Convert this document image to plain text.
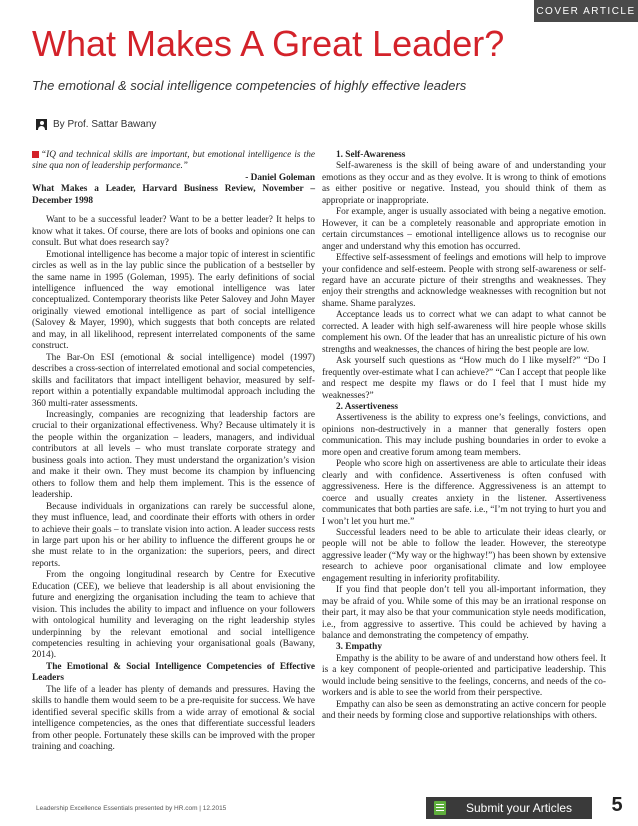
COVER ARTICLE
What Makes A Great Leader?
The emotional & social intelligence competencies of highly effective leaders
By Prof. Sattar Bawany

“IQ and technical skills are important, but emotional intelligence is the sine qua non of leadership performance.”

- Daniel Goleman

What Makes a Leader, Harvard Business Review, November – December 1998

Want to be a successful leader? Want to be a better leader? It helps to know what it takes. Of course, there are lots of books and opinions one can consult. But what does research say?

Emotional intelligence has become a major topic of interest in scientific circles as well as in the lay public since the publication of a bestseller by the same name in 1995 (Goleman, 1995). The early definitions of social intelligence influenced the way emotional intelligence was later conceptualized. Contemporary theorists like Peter Salovey and John Mayer originally viewed emotional intelligence as part of social intelligence (Salovey & Mayer, 1990), which suggests that both concepts are related and may, in all likelihood, represent interrelated components of the same construct.

The Bar-On ESI (emotional & social intelligence) model (1997) describes a cross-section of interrelated emotional and social competencies, skills and facilitators that impact intelligent behavior, measured by self-report within a potentially expandable multimodal approach including the 360 multi-rater assessments.

Increasingly, companies are recognizing that leadership factors are crucial to their organizational effectiveness. Why? Because ultimately it is the people within the organization – leaders, managers, and individual contributors at all levels – who must translate corporate strategy and business goals into action. They must understand the organization’s vision and make it their own. They must become its champion by influencing others to follow them and help them implement. This is the essence of leadership.

Because individuals in organizations can rarely be successful alone, they must influence, lead, and coordinate their efforts with others in order to achieve their goals – to translate vision into action. A leader success rests in large part upon his or her ability to influence the different groups he or she must relate to in the organization: the superiors, peers, and direct reports.

From the ongoing longitudinal research by Centre for Executive Education (CEE), we believe that leadership is all about envisioning the future and energizing the organisation including the team to achieve that vision. This includes the ability to impact and influence on your followers with ontological humility and leveraging on the right leadership styles underpinning by the relevant emotional and social intelligence competencies resulting in achieving your organisational goals (Bawany, 2014).

The Emotional & Social Intelligence Competencies of Effective Leaders

The life of a leader has plenty of demands and pressures. Having the skills to handle them would seem to be a pre-requisite for success. We have identified several specific skills from a wide array of emotional & social intelligence competencies, as the ones that differentiate successful leaders from other people. Fortunately these skills can be improved with the proper training and coaching.

1. Self-Awareness

Self-awareness is the skill of being aware of and understanding your emotions as they occur and as they evolve. It is wrong to think of emotions as either positive or negative. Instead, you should think of them as appropriate or inappropriate.

For example, anger is usually associated with being a negative emotion. However, it can be a completely reasonable and appropriate emotion in certain circumstances – emotional intelligence allows us to recognise our anger and understand why this emotion has occurred.

Effective self-assessment of feelings and emotions will help to improve your confidence and self-esteem. People with strong self-awareness or self-regard have an accurate picture of their strengths and weaknesses. They enjoy their strengths and acknowledge weaknesses with recognition but not shame. Shame paralyzes.

Acceptance leads us to correct what we can adapt to what cannot be corrected. A leader with high self-awareness will hire people whose skills complement his own. Of the leader that has an unrealistic picture of his own strengths and weaknesses, the chances of hiring the best people are low.

Ask yourself such questions as “How much do I like myself?” “Do I frequently over-estimate what I can achieve?” “Can I accept that people like and respect me despite my flaws or do I feel that I must hide my weaknesses?”

2. Assertiveness

Assertiveness is the ability to express one’s feelings, convictions, and opinions non-destructively in a manner that generally fosters open communication. This may include pushing boundaries in order to evoke a more open and creative forum among team members.

People who score high on assertiveness are able to articulate their ideas clearly and with confidence. Assertiveness is often confused with aggressiveness. Here is the difference. Aggressiveness is an attempt to coerce and usually creates anxiety in the listener. Assertiveness communicates that both parties are safe. i.e., “I’m not trying to hurt you and I won’t let you hurt me.”

Successful leaders need to be able to articulate their ideas clearly, or people will not be able to follow the leader. However, the stereotype aggressive leader (“My way or the highway!”) has been shown by extensive research to achieve poor organisational climate and low employee engagement resulting in inferiority profitability.

If you find that people don’t tell you all-important information, they may be afraid of you. While some of this may be an irrational response on their part, it may also be that your communication style needs modification, i.e., from aggressive to assertive. This could be achieved by having a balance and demonstrating the competency of empathy.

3. Empathy

Empathy is the ability to be aware of and understand how others feel. It is a key component of people-oriented and participative leadership. This would include being sensitive to the feelings, concerns, and needs of the co-workers and is able to see the world from their perspective.

Empathy can also be seen as demonstrating an active concern for people and their needs by forming close and supportive relationships with others.

Leadership Excellence Essentials presented by HR.com | 12.2015	Submit your Articles 5
